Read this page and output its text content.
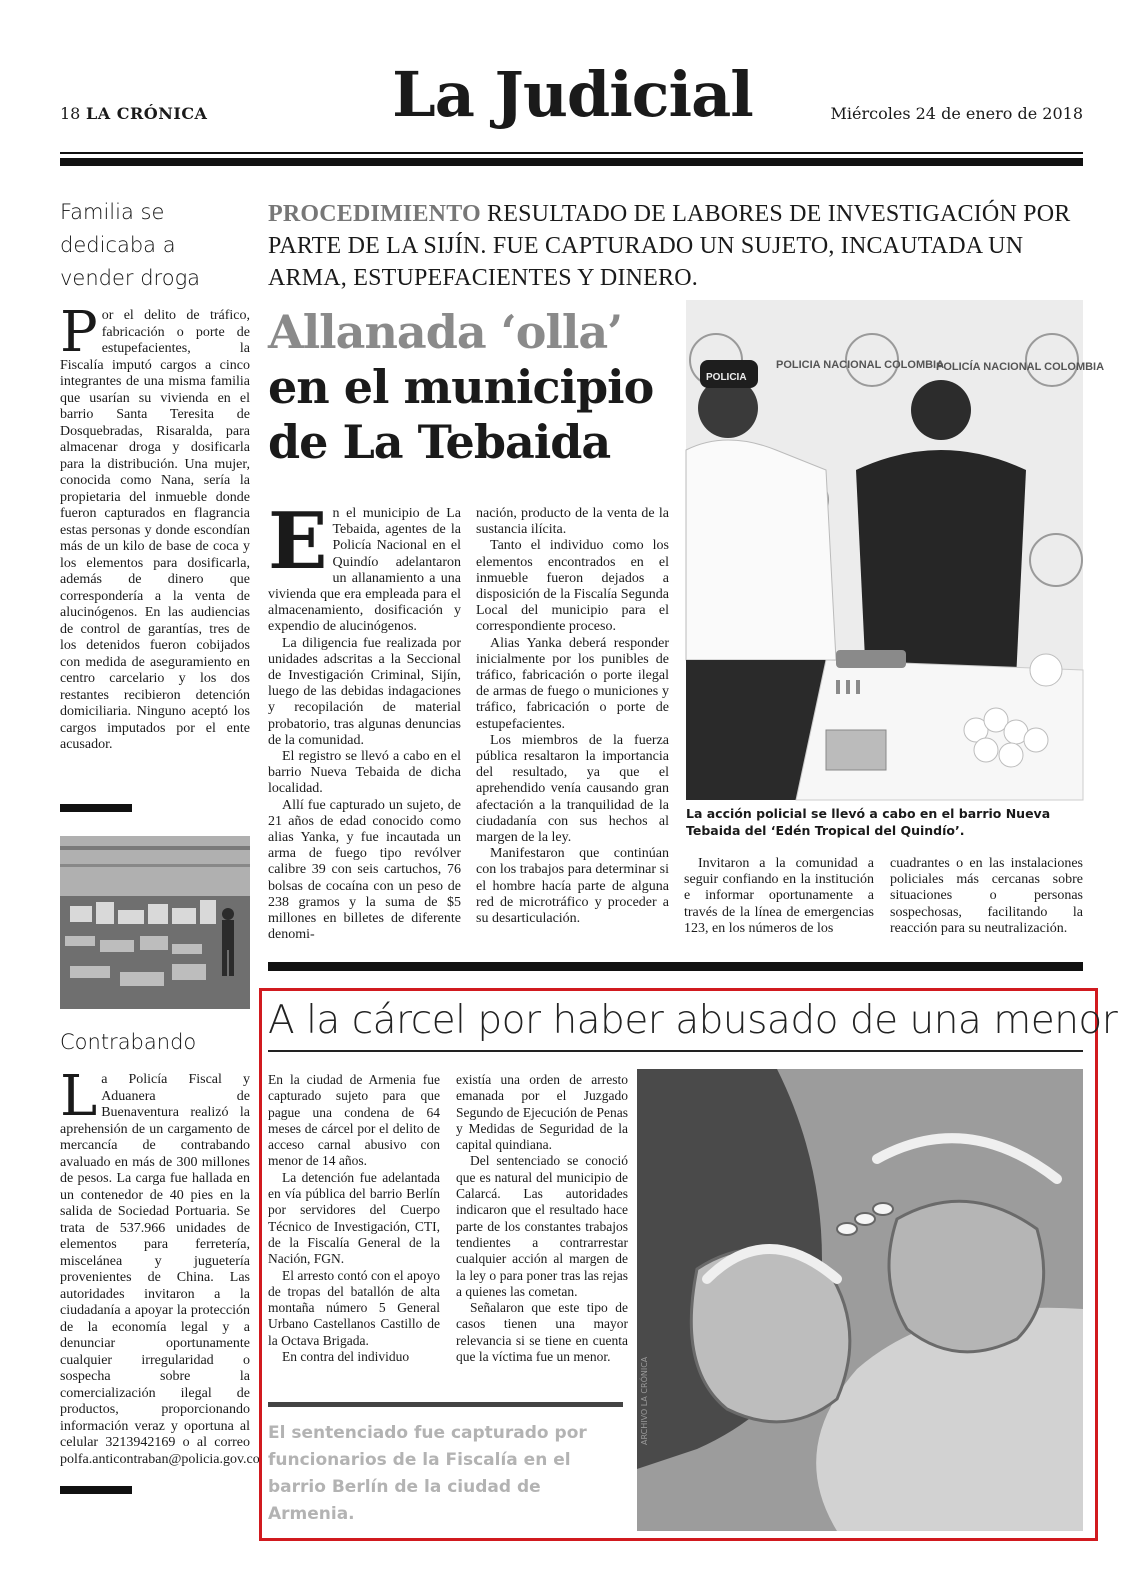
18 LA CRÓNICA	La Judicial	Miércoles 24 de enero de 2018
Familia se dedicaba a vender droga
Por el delito de tráfico, fabricación o porte de estupefacientes, la Fiscalía imputó cargos a cinco integrantes de una misma familia que usarían su vivienda en el barrio Santa Teresita de Dosquebradas, Risaralda, para almacenar droga y dosificarla para la distribución. Una mujer, conocida como Nana, sería la propietaria del inmueble donde fueron capturados en flagrancia estas personas y donde escondían más de un kilo de base de coca y los elementos para dosificarla, además de dinero que correspondería a la venta de alucinógenos. En las audiencias de control de garantías, tres de los detenidos fueron cobijados con medida de aseguramiento en centro carcelario y los dos restantes recibieron detención domiciliaria. Ninguno aceptó los cargos imputados por el ente acusador.
Contrabando
La Policía Fiscal y Aduanera de Buenaventura realizó la aprehensión de un cargamento de mercancía de contrabando avaluado en más de 300 millones de pesos. La carga fue hallada en un contenedor de 40 pies en la salida de Sociedad Portuaria. Se trata de 537.966 unidades de elementos para ferretería, miscelánea y juguetería provenientes de China. Las autoridades invitaron a la ciudadanía a apoyar la protección de la economía legal y a denunciar oportunamente cualquier irregularidad o sospecha sobre la comercialización ilegal de productos, proporcionando información veraz y oportuna al celular 3213942169 o al correo polfa.anticontraban@policia.gov.co
PROCEDIMIENTO RESULTADO DE LABORES DE INVESTIGACIÓN POR PARTE DE LA SIJÍN. FUE CAPTURADO UN SUJETO, INCAUTADA UN ARMA, ESTUPEFACIENTES Y DINERO.
Allanada ‘olla’
en el municipio de La Tebaida

En el municipio de La Tebaida, agentes de la Policía Nacional en el Quindío adelantaron un allanamiento a una vivienda que era empleada para el almacenamiento, dosificación y expendio de alucinógenos.

La diligencia fue realizada por unidades adscritas a la Seccional de Investigación Criminal, Sijín, luego de las debidas indagaciones y recopilación de material probatorio, tras algunas denuncias de la comunidad.

El registro se llevó a cabo en el barrio Nueva Tebaida de dicha localidad.

Allí fue capturado un sujeto, de 21 años de edad conocido como alias Yanka, y fue incautada un arma de fuego tipo revólver calibre 39 con seis cartuchos, 76 bolsas de cocaína con un peso de 238 gramos y la suma de $5 millones en billetes de diferente denomi-

nación, producto de la venta de la sustancia ilícita.

Tanto el individuo como los elementos encontrados en el inmueble fueron dejados a disposición de la Fiscalía Segunda Local del municipio para el correspondiente proceso.

Alias Yanka deberá responder inicialmente por los punibles de tráfico, fabricación o porte ilegal de armas de fuego o municiones y tráfico, fabricación o porte de estupefacientes.

Los miembros de la fuerza pública resaltaron la importancia del resultado, ya que el aprehendido venía causando gran afectación a la tranquilidad de la ciudadanía con sus hechos al margen de la ley.

Manifestaron que continúan con los trabajos para determinar si el hombre hacía parte de alguna red de microtráfico y proceder a su desarticulación.

POLICIA NACIONAL COLOMBIA
POLICÍA NACIONAL COLOMBIA
POLICIA
La acción policial se llevó a cabo en el barrio Nueva Tebaida del ‘Edén Tropical del Quindío’.

Invitaron a la comunidad a seguir confiando en la institución e informar oportunamente a través de la línea de emergencias 123, en los números de los

cuadrantes o en las instalaciones policiales más cercanas sobre situaciones o personas sospechosas, facilitando la reacción para su neutralización.

A la cárcel por haber abusado de una menor

En la ciudad de Armenia fue capturado sujeto para que pague una condena de 64 meses de cárcel por el delito de acceso carnal abusivo con menor de 14 años.

La detención fue adelantada en vía pública del barrio Berlín por servidores del Cuerpo Técnico de Investigación, CTI, de la Fiscalía General de la Nación, FGN.

El arresto contó con el apoyo de tropas del batallón de alta montaña número 5 General Urbano Castellanos Castillo de la Octava Brigada.

En contra del individuo

existía una orden de arresto emanada por el Juzgado Segundo de Ejecución de Penas y Medidas de Seguridad de la capital quindiana.

Del sentenciado se conoció que es natural del municipio de Calarcá. Las autoridades indicaron que el resultado hace parte de los constantes trabajos tendientes a contrarrestar cualquier acción al margen de la ley o para poner tras las rejas a quienes las cometan.

Señalaron que este tipo de casos tienen una mayor relevancia si se tiene en cuenta que la víctima fue un menor.

El sentenciado fue capturado por funcionarios de la Fiscalía en el barrio Berlín de la ciudad de Armenia.
ARCHIVO LA CRÓNICA
